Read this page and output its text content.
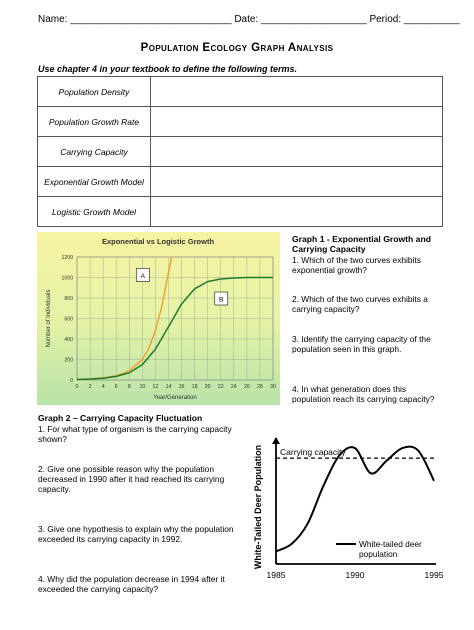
Name: _____________________________ Date: ___________________ Period: __________
Population Ecology Graph Analysis
Use chapter 4 in your textbook to define the following terms.
Population Density	
Population Growth Rate	
Carrying Capacity	
Exponential Growth Model	
Logistic Growth Model	
Exponential vs Logistic Growth
0 2 4 6 8 10 12 14 16 18 20 22 24 26 28 30
0
200
400
600
800
1000
1200
Year/Generation
Number of Individuals
A
B
Graph 1 - Exponential Growth and Carrying Capacity
1. Which of the two curves exhibits exponential growth?
2. Which of the two curves exhibits a carrying capacity?
3. Identify the carrying capacity of the population seen in this graph.
4. In what generation does this population reach its carrying capacity?
Graph 2 – Carrying Capacity Fluctuation
1. For what type of organism is the carrying capacity shown?
2. Give one possible reason why the population decreased in 1990 after it had reached its carrying capacity.
3. Give one hypothesis to explain why the population exceeded its carrying capacity in 1992.
4. Why did the population decrease in 1994 after it exceeded the carrying capacity?
White-Tailed Deer Population
1985	1990	1995
Carrying capacity
White-tailed deer
population
